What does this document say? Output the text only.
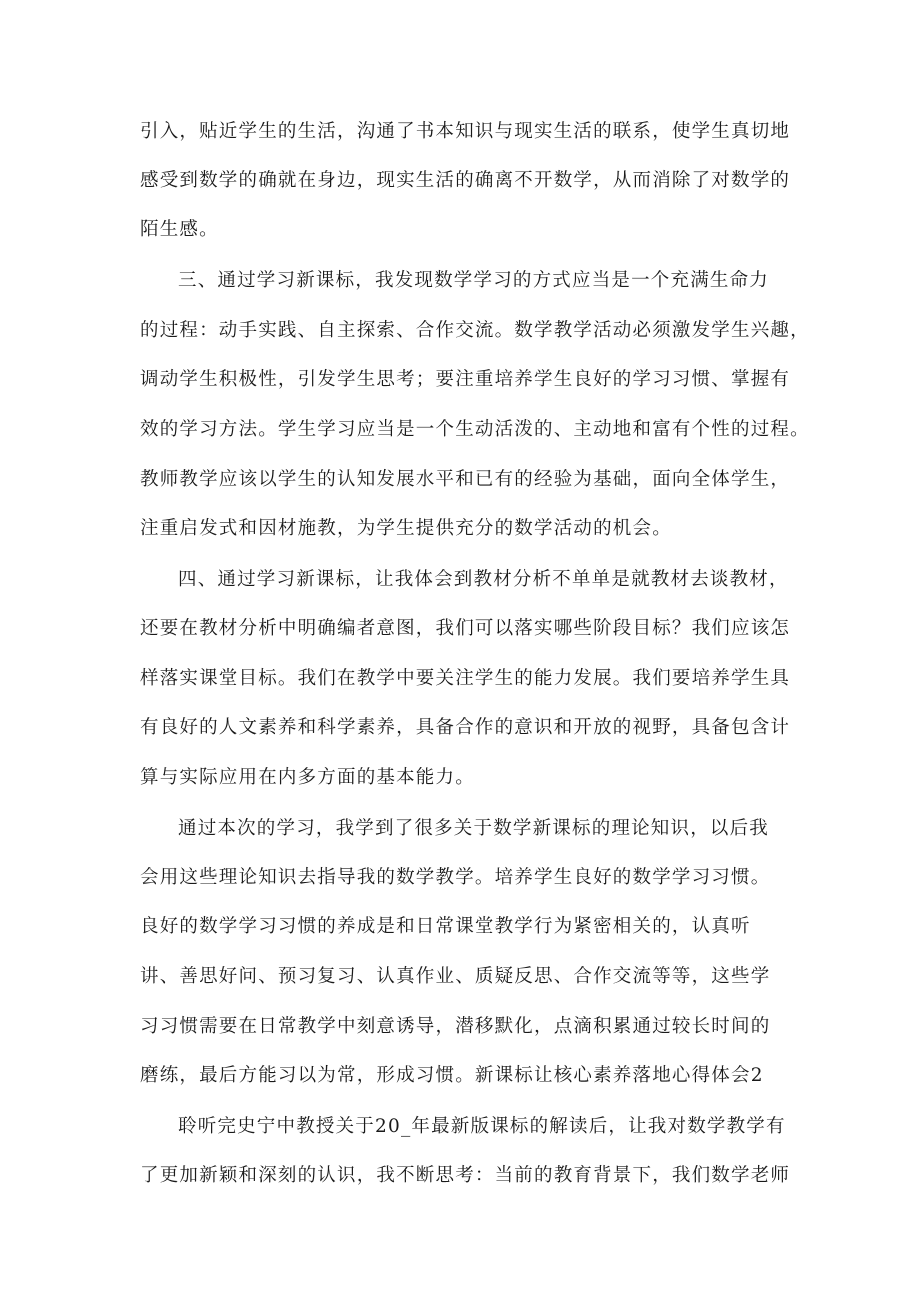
引入，贴近学生的生活，沟通了书本知识与现实生活的联系，使学生真切地
感受到数学的确就在身边，现实生活的确离不开数学，从而消除了对数学的
陌生感。
三、通过学习新课标，我发现数学学习的方式应当是一个充满生命力
的过程：动手实践、自主探索、合作交流。数学教学活动必须激发学生兴趣，
调动学生积极性，引发学生思考；要注重培养学生良好的学习习惯、掌握有
效的学习方法。学生学习应当是一个生动活泼的、主动地和富有个性的过程。
教师教学应该以学生的认知发展水平和已有的经验为基础，面向全体学生，
注重启发式和因材施教，为学生提供充分的数学活动的机会。
四、通过学习新课标，让我体会到教材分析不单单是就教材去谈教材，
还要在教材分析中明确编者意图，我们可以落实哪些阶段目标？我们应该怎
样落实课堂目标。我们在教学中要关注学生的能力发展。我们要培养学生具
有良好的人文素养和科学素养，具备合作的意识和开放的视野，具备包含计
算与实际应用在内多方面的基本能力。
通过本次的学习，我学到了很多关于数学新课标的理论知识，以后我
会用这些理论知识去指导我的数学教学。培养学生良好的数学学习习惯。
良好的数学学习习惯的养成是和日常课堂教学行为紧密相关的，认真听
讲、善思好问、预习复习、认真作业、质疑反思、合作交流等等，这些学
习习惯需要在日常教学中刻意诱导，潜移默化，点滴积累通过较长时间的
磨练，最后方能习以为常，形成习惯。新课标让核心素养落地心得体会2
聆听完史宁中教授关于20_年最新版课标的解读后，让我对数学教学有
了更加新颖和深刻的认识，我不断思考：当前的教育背景下，我们数学老师
